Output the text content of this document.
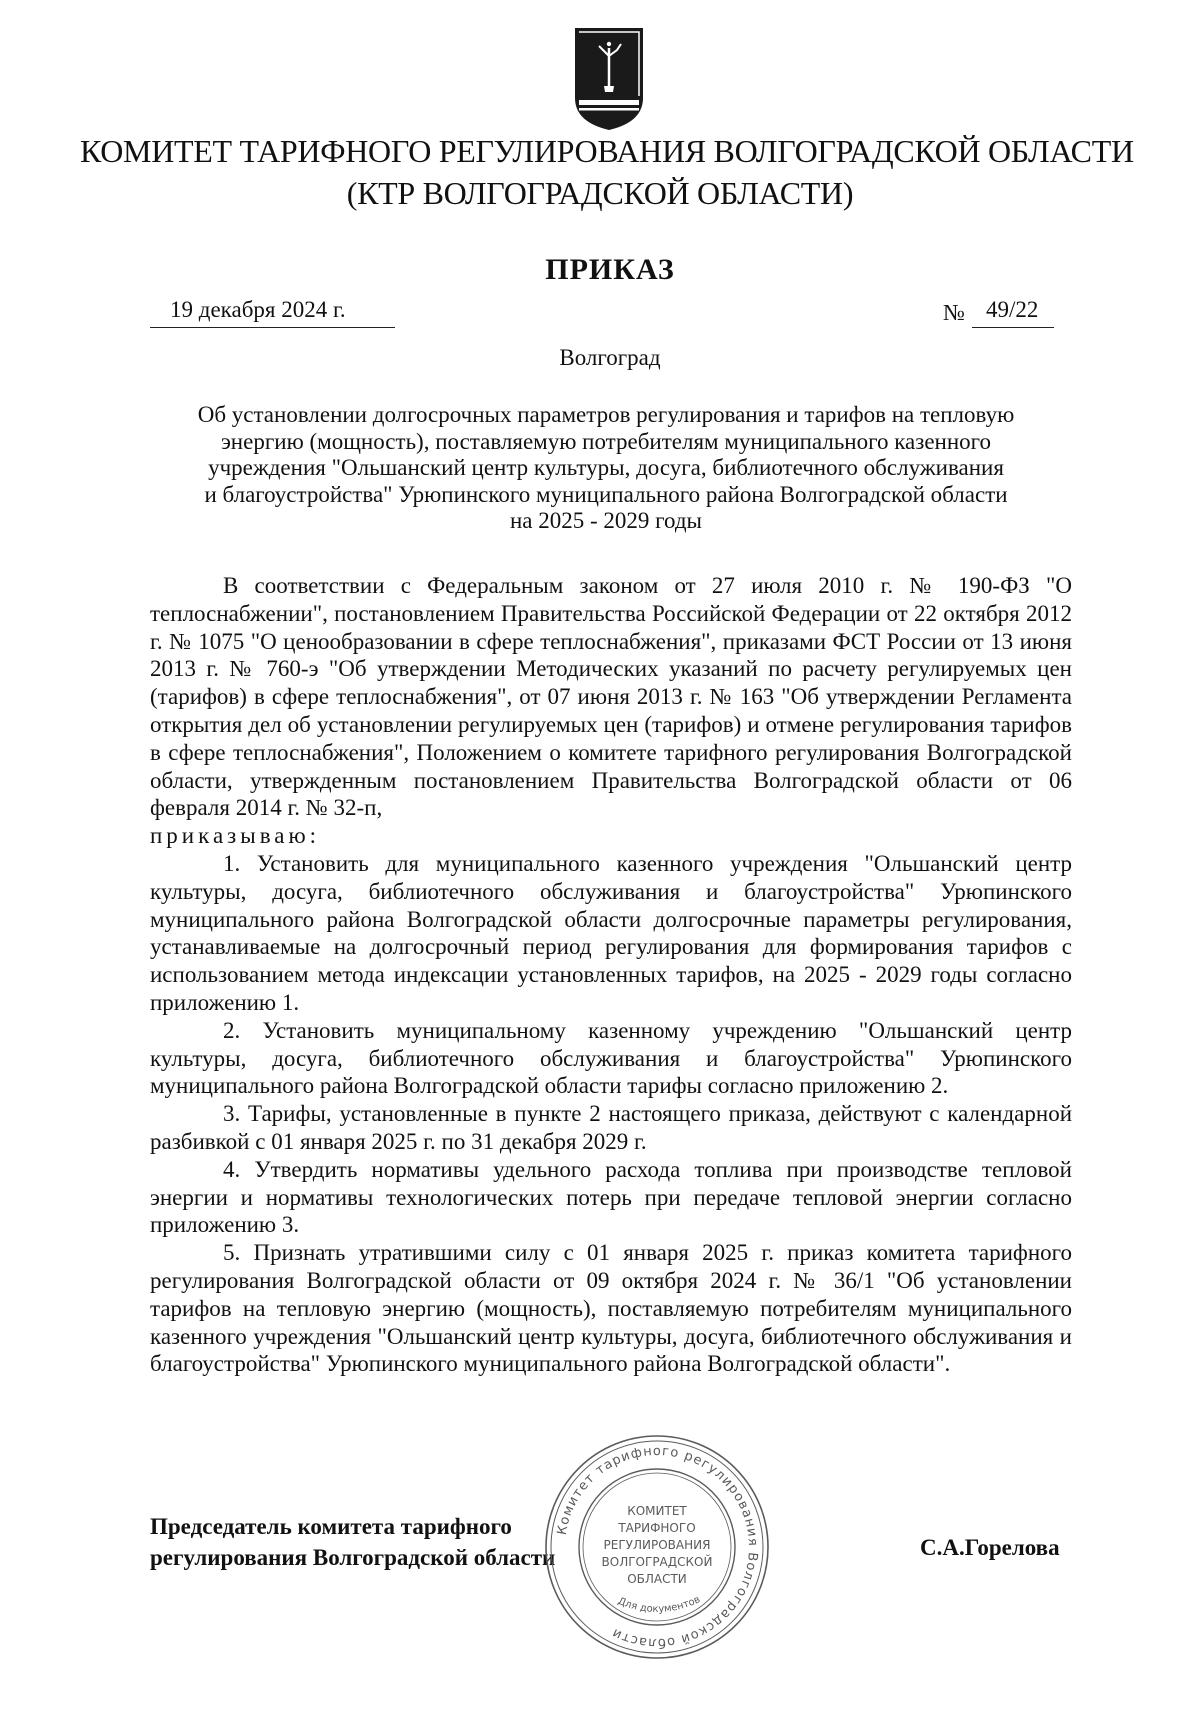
КОМИТЕТ ТАРИФНОГО РЕГУЛИРОВАНИЯ ВОЛГОГРАДСКОЙ ОБЛАСТИ
(КТР ВОЛГОГРАДСКОЙ ОБЛАСТИ)
ПРИКАЗ
19 декабря 2024 г.	№ 49/22
Волгоград
Об установлении долгосрочных параметров регулирования и тарифов на тепловую
энергию (мощность), поставляемую потребителям муниципального казенного
учреждения "Ольшанский центр культуры, досуга, библиотечного обслуживания
и благоустройства" Урюпинского муниципального района Волгоградской области
на 2025 - 2029 годы

В соответствии с Федеральным законом от 27 июля 2010 г. № 190-ФЗ "О теплоснабжении", постановлением Правительства Российской Федерации от 22 октября 2012 г. № 1075 "О ценообразовании в сфере теплоснабжения", приказами ФСТ России от 13 июня 2013 г. № 760-э "Об утверждении Методических указаний по расчету регулируемых цен (тарифов) в сфере теплоснабжения", от 07 июня 2013 г. № 163 "Об утверждении Регламента открытия дел об установлении регулируемых цен (тарифов) и отмене регулирования тарифов в сфере теплоснабжения", Положением о комитете тарифного регулирования Волгоградской области, утвержденным постановлением Правительства Волгоградской области от 06 февраля 2014 г. № 32-п,

приказываю:

1. Установить для муниципального казенного учреждения "Ольшанский центр культуры, досуга, библиотечного обслуживания и благоустройства" Урюпинского муниципального района Волгоградской области долгосрочные параметры регулирования, устанавливаемые на долгосрочный период регулирования для формирования тарифов с использованием метода индексации установленных тарифов, на 2025 - 2029 годы согласно приложению 1.

2. Установить муниципальному казенному учреждению "Ольшанский центр культуры, досуга, библиотечного обслуживания и благоустройства" Урюпинского муниципального района Волгоградской области тарифы согласно приложению 2.

3. Тарифы, установленные в пункте 2 настоящего приказа, действуют с календарной разбивкой с 01 января 2025 г. по 31 декабря 2029 г.

4. Утвердить нормативы удельного расхода топлива при производстве тепловой энергии и нормативы технологических потерь при передаче тепловой энергии согласно приложению 3.

5. Признать утратившими силу с 01 января 2025 г. приказ комитета тарифного регулирования Волгоградской области от 09 октября 2024 г. № 36/1 "Об установлении тарифов на тепловую энергию (мощность), поставляемую потребителям муниципального казенного учреждения "Ольшанский центр культуры, досуга, библиотечного обслуживания и благоустройства" Урюпинского муниципального района Волгоградской области".

Председатель комитета тарифного
регулирования Волгоградской области	С.А.Горелова
Комитет тарифного регулирования Волгоградской области
КОМИТЕТ
ТАРИФНОГО
РЕГУЛИРОВАНИЯ
ВОЛГОГРАДСКОЙ
ОБЛАСТИ
Для документов
